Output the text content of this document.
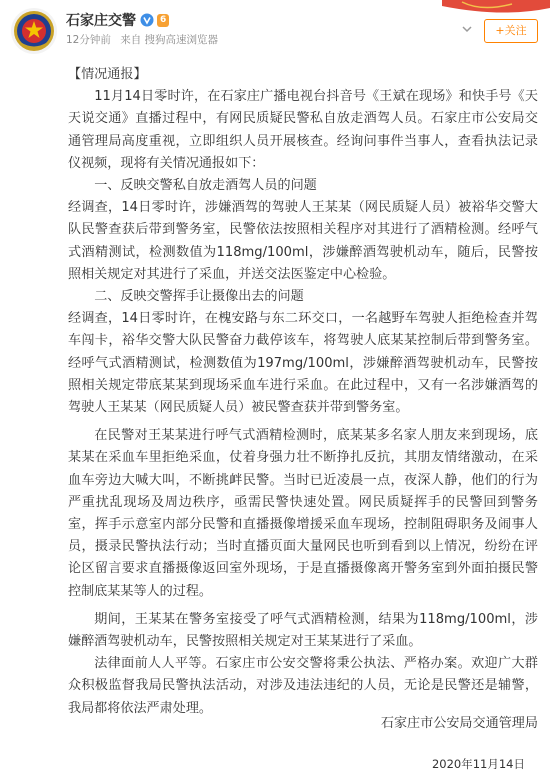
石家庄交警	6
12分钟前 来自 搜狗高速浏览器
+关注

【情况通报】

11月14日零时许，在石家庄广播电视台抖音号《王斌在现场》和快手号《天天说交通》直播过程中，有网民质疑民警私自放走酒驾人员。石家庄市公安局交通管理局高度重视，立即组织人员开展核查。经询问事件当事人，查看执法记录仪视频，现将有关情况通报如下：

一、反映交警私自放走酒驾人员的问题

经调查，14日零时许，涉嫌酒驾的驾驶人王某某（网民质疑人员）被裕华交警大队民警查获后带到警务室，民警依法按照相关程序对其进行了酒精检测。经呼气式酒精测试，检测数值为118mg/100ml，涉嫌醉酒驾驶机动车，随后，民警按照相关规定对其进行了采血，并送交法医鉴定中心检验。

二、反映交警挥手让摄像出去的问题

经调查，14日零时许，在槐安路与东二环交口，一名越野车驾驶人拒绝检查并驾车闯卡，裕华交警大队民警奋力截停该车，将驾驶人底某某控制后带到警务室。经呼气式酒精测试，检测数值为197mg/100ml，涉嫌醉酒驾驶机动车，民警按照相关规定带底某某到现场采血车进行采血。在此过程中，又有一名涉嫌酒驾的驾驶人王某某（网民质疑人员）被民警查获并带到警务室。

在民警对王某某进行呼气式酒精检测时，底某某多名家人朋友来到现场，底某某在采血车里拒绝采血，仗着身强力壮不断挣扎反抗，其朋友情绪激动，在采血车旁边大喊大叫，不断挑衅民警。当时已近凌晨一点，夜深人静，他们的行为严重扰乱现场及周边秩序，亟需民警快速处置。网民质疑挥手的民警回到警务室，挥手示意室内部分民警和直播摄像增援采血车现场，控制阻碍职务及闹事人员，摄录民警执法行动；当时直播页面大量网民也听到看到以上情况，纷纷在评论区留言要求直播摄像返回室外现场，于是直播摄像离开警务室到外面拍摄民警控制底某某等人的过程。

期间，王某某在警务室接受了呼气式酒精检测，结果为118mg/100ml，涉嫌醉酒驾驶机动车，民警按照相关规定对王某某进行了采血。

法律面前人人平等。石家庄市公安交警将秉公执法、严格办案。欢迎广大群众积极监督我局民警执法活动，对涉及违法违纪的人员，无论是民警还是辅警，我局都将依法严肃处理。

石家庄市公安局交通管理局
2020年11月14日
